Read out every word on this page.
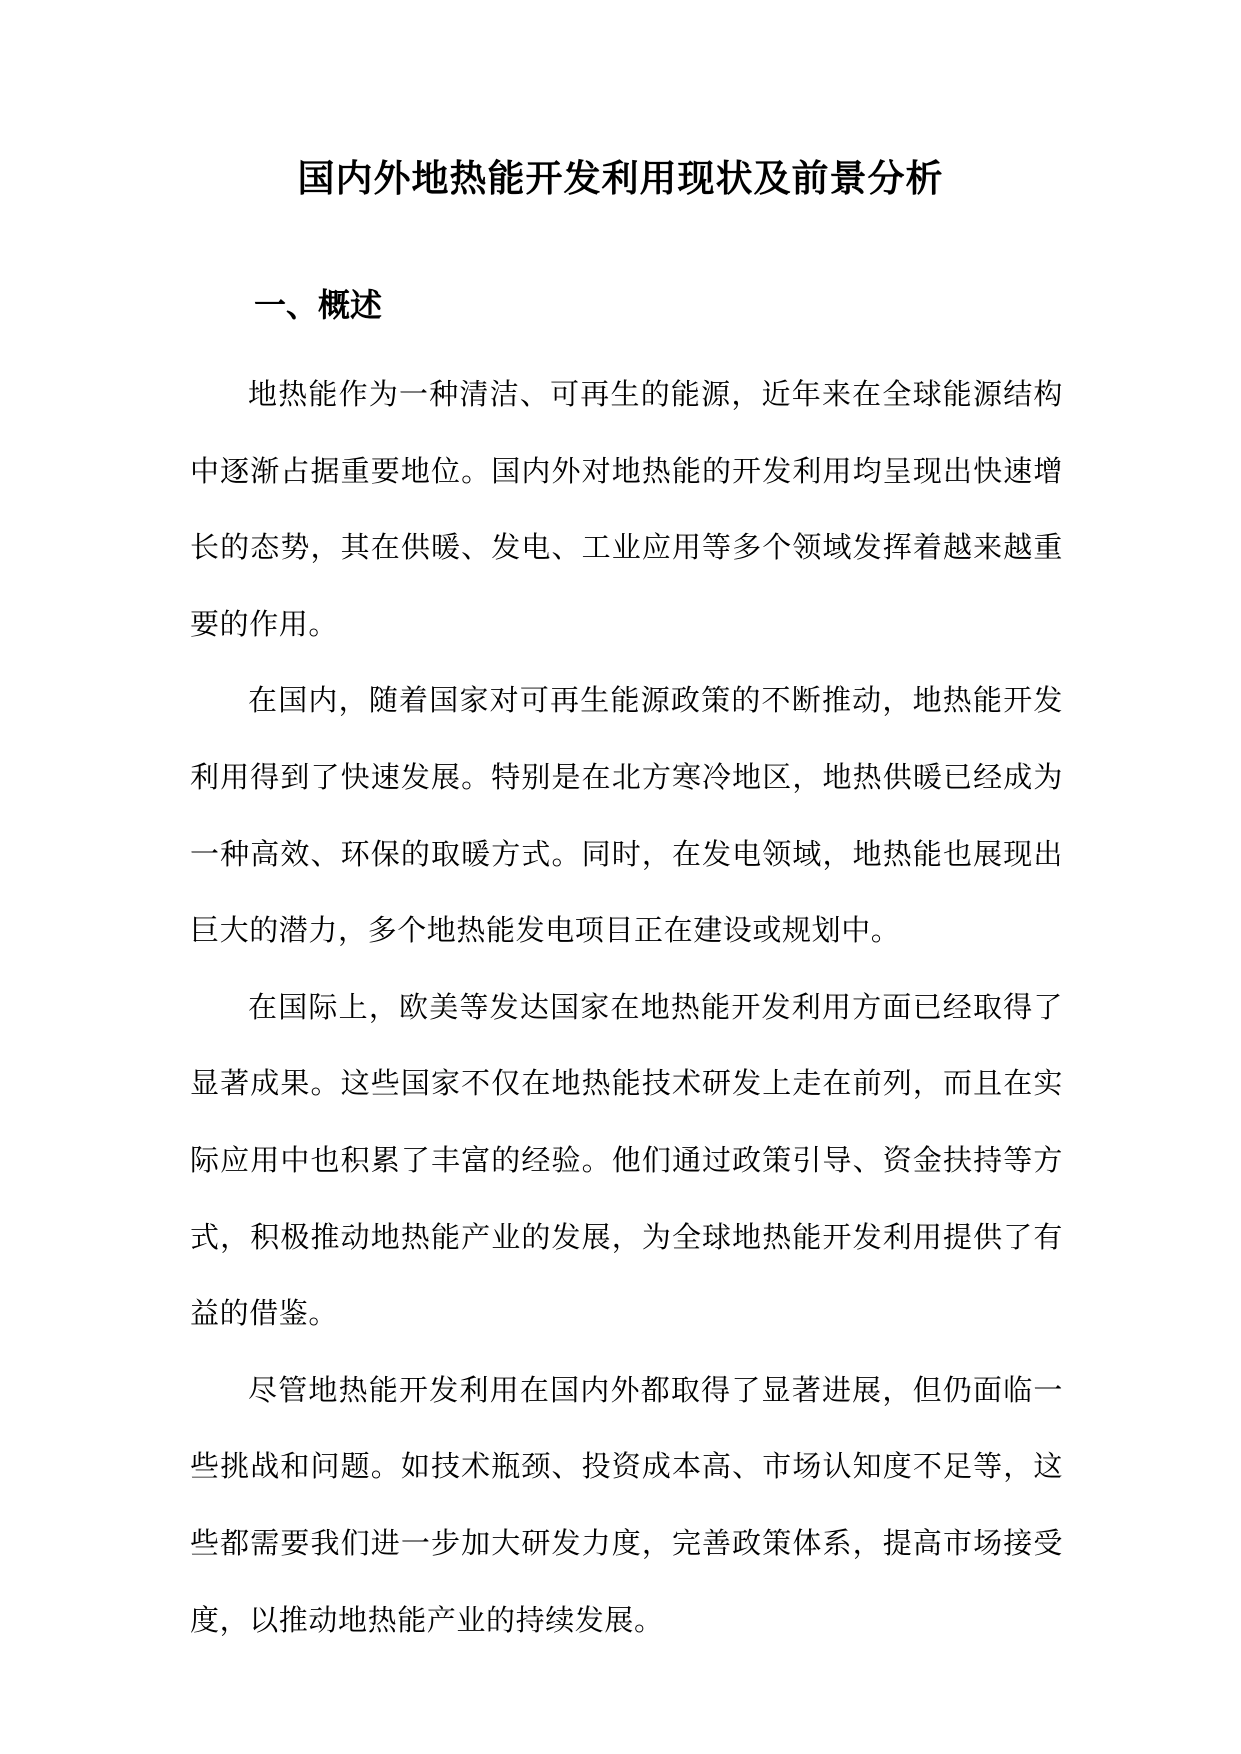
国内外地热能开发利用现状及前景分析
一、概述

地热能作为一种清洁、可再生的能源，近年来在全球能源结构中逐渐占据重要地位。国内外对地热能的开发利用均呈现出快速增长的态势，其在供暖、发电、工业应用等多个领域发挥着越来越重要的作用。

在国内，随着国家对可再生能源政策的不断推动，地热能开发利用得到了快速发展。特别是在北方寒冷地区，地热供暖已经成为一种高效、环保的取暖方式。同时，在发电领域，地热能也展现出巨大的潜力，多个地热能发电项目正在建设或规划中。

在国际上，欧美等发达国家在地热能开发利用方面已经取得了显著成果。这些国家不仅在地热能技术研发上走在前列，而且在实际应用中也积累了丰富的经验。他们通过政策引导、资金扶持等方式，积极推动地热能产业的发展，为全球地热能开发利用提供了有益的借鉴。

尽管地热能开发利用在国内外都取得了显著进展，但仍面临一些挑战和问题。如技术瓶颈、投资成本高、市场认知度不足等，这些都需要我们进一步加大研发力度，完善政策体系，提高市场接受度，以推动地热能产业的持续发展。
